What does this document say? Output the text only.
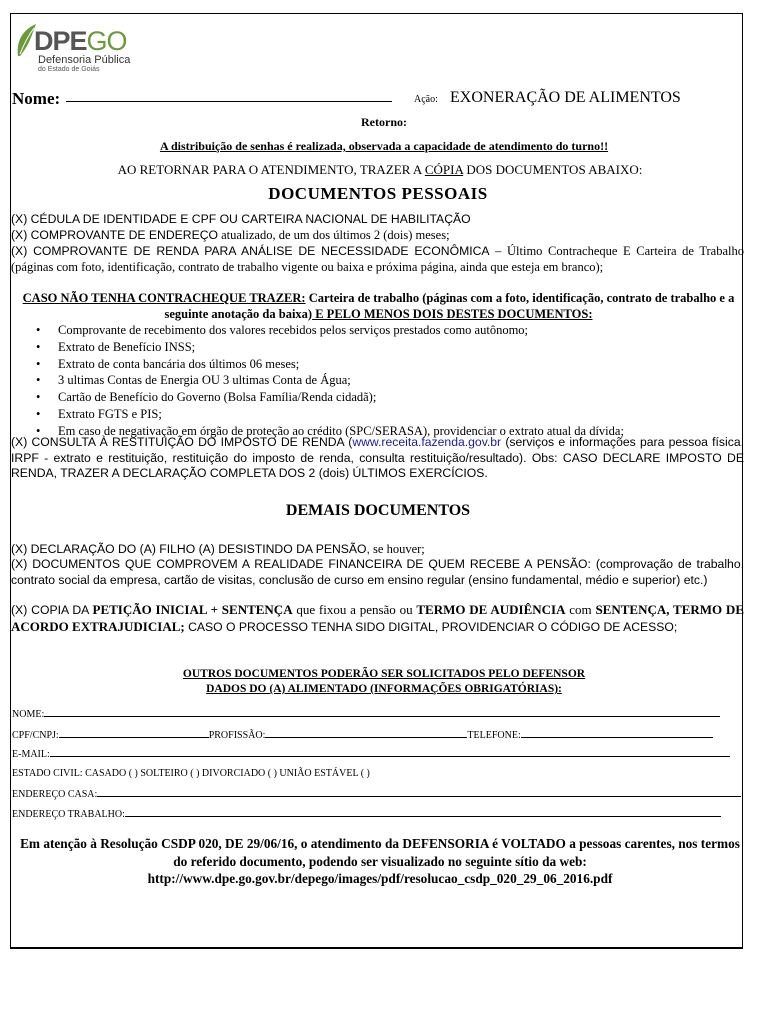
DPEGO
Defensoria Pública
do Estado de Goiás
Nome:	Ação: EXONERAÇÃO DE ALIMENTOS
Retorno:
A distribuição de senhas é realizada, observada a capacidade de atendimento do turno!!
AO RETORNAR PARA O ATENDIMENTO, TRAZER A CÓPIA DOS DOCUMENTOS ABAIXO:
DOCUMENTOS PESSOAIS
(X) CÉDULA DE IDENTIDADE E CPF OU CARTEIRA NACIONAL DE HABILITAÇÃO
(X) COMPROVANTE DE ENDEREÇO atualizado, de um dos últimos 2 (dois) meses;
(X) COMPROVANTE DE RENDA PARA ANÁLISE DE NECESSIDADE ECONÔMICA – Último Contracheque E Carteira de Trabalho (páginas com foto, identificação, contrato de trabalho vigente ou baixa e próxima página, ainda que esteja em branco);
CASO NÃO TENHA CONTRACHEQUE TRAZER: Carteira de trabalho (páginas com a foto, identificação, contrato de trabalho e a seguinte anotação da baixa) E PELO MENOS DOIS DESTES DOCUMENTOS:
• Comprovante de recebimento dos valores recebidos pelos serviços prestados como autônomo;
• Extrato de Benefício INSS;
• Extrato de conta bancária dos últimos 06 meses;
• 3 ultimas Contas de Energia OU 3 ultimas Conta de Água;
• Cartão de Benefício do Governo (Bolsa Família/Renda cidadã);
• Extrato FGTS e PIS;
• Em caso de negativação em órgão de proteção ao crédito (SPC/SERASA), providenciar o extrato atual da dívida;
(X) CONSULTA À RESTITUIÇÃO DO IMPOSTO DE RENDA (www.receita.fazenda.gov.br (serviços e informações para pessoa física, IRPF - extrato e restituição, restituição do imposto de renda, consulta restituição/resultado). Obs: CASO DECLARE IMPOSTO DE RENDA, TRAZER A DECLARAÇÃO COMPLETA DOS 2 (dois) ÚLTIMOS EXERCÍCIOS.
DEMAIS DOCUMENTOS
(X) DECLARAÇÃO DO (A) FILHO (A) DESISTINDO DA PENSÃO, se houver;
(X) DOCUMENTOS QUE COMPROVEM A REALIDADE FINANCEIRA DE QUEM RECEBE A PENSÃO: (comprovação de trabalho, contrato social da empresa, cartão de visitas, conclusão de curso em ensino regular (ensino fundamental, médio e superior) etc.)
(X) COPIA DA PETIÇÃO INICIAL + SENTENÇA que fixou a pensão ou TERMO DE AUDIÊNCIA com SENTENÇA, TERMO DE ACORDO EXTRAJUDICIAL; CASO O PROCESSO TENHA SIDO DIGITAL, PROVIDENCIAR O CÓDIGO DE ACESSO;
OUTROS DOCUMENTOS PODERÃO SER SOLICITADOS PELO DEFENSOR
DADOS DO (A) ALIMENTADO (INFORMAÇÕES OBRIGATÓRIAS):
NOME:
CPF/CNPJ:	PROFISSÃO:	TELEFONE:
E-MAIL:
ESTADO CIVIL: CASADO ( ) SOLTEIRO ( ) DIVORCIADO ( ) UNIÃO ESTÁVEL ( )
ENDEREÇO CASA:
ENDEREÇO TRABALHO:
Em atenção à Resolução CSDP 020, DE 29/06/16, o atendimento da DEFENSORIA é VOLTADO a pessoas carentes, nos termos do referido documento, podendo ser visualizado no seguinte sítio da web:
http://www.dpe.go.gov.br/depego/images/pdf/resolucao_csdp_020_29_06_2016.pdf
